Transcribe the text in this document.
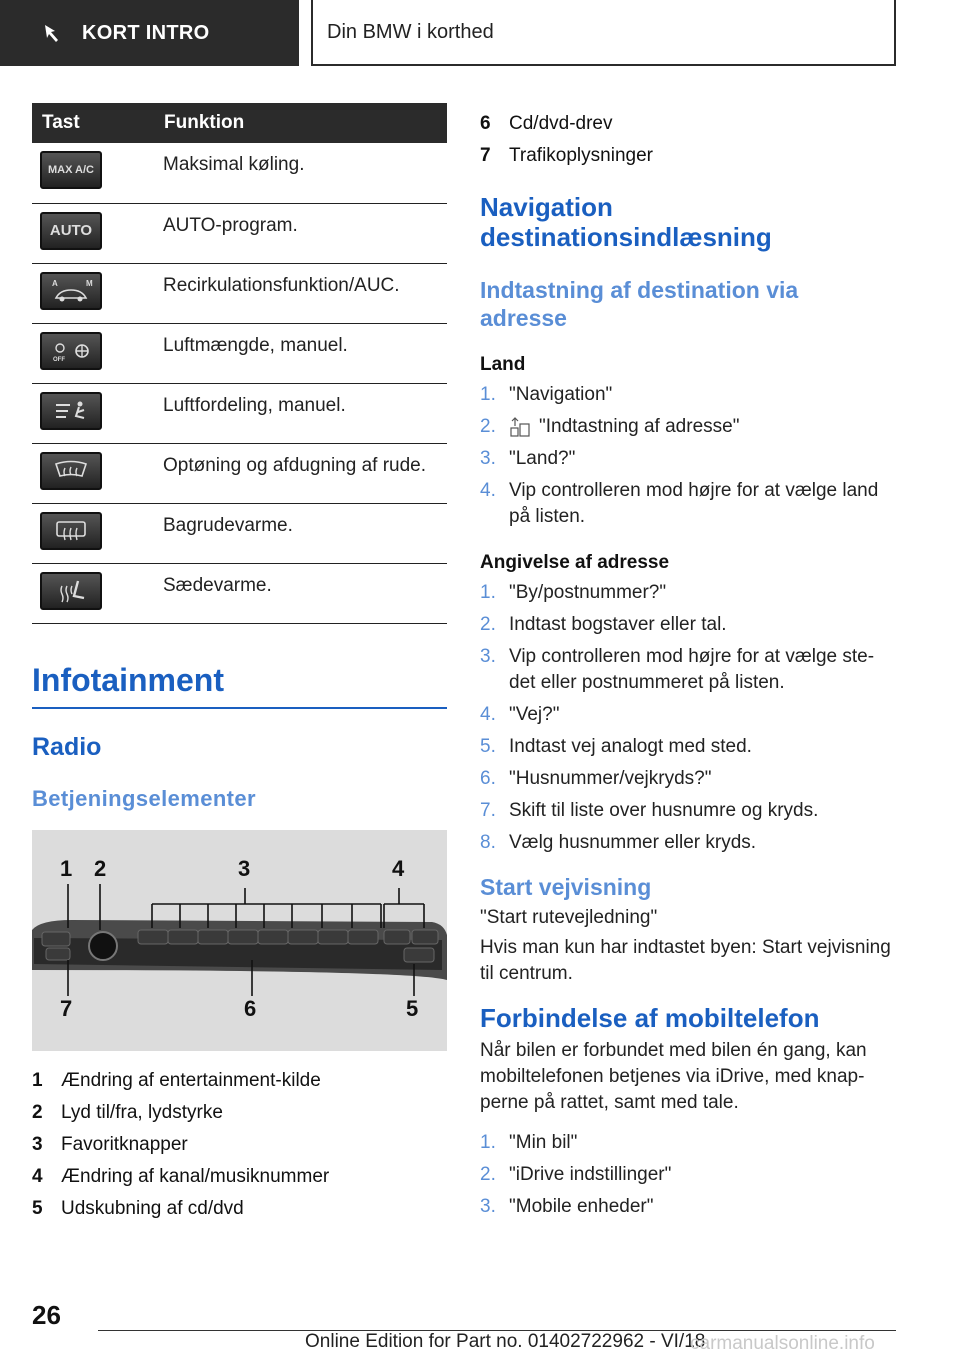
KORT INTRO	Din BMW i korthed
Tast	Funktion

MAX A/C	Maksimal køling.

AUTO	AUTO-program.

A M	Recirkulationsfunktion/AUC.

OFF	Luftmængde, manuel.

	Luftfordeling, manuel.

	Optøning og afdugning af rude.

	Bagrudevarme.

	Sædevarme.
Infotainment
Radio
Betjeningselementer
1 2	3	4
7	6	5
1 Ændring af entertainment-kilde
2 Lyd til/fra, lydstyrke
3 Favoritknapper
4 Ændring af kanal/musiknummer
5 Udskubning af cd/dvd
6 Cd/dvd-drev
7 Trafikoplysninger
Navigation destinationsindlæsning
Indtastning af destination via adresse
Land
1. "Navigation"
2.	"Indtastning af adresse"
3. "Land?"
4. Vip controlleren mod højre for at vælge land på listen.
Angivelse af adresse
1. "By/postnummer?"
2. Indtast bogstaver eller tal.
3. Vip controlleren mod højre for at vælge ste-det eller postnummeret på listen.
4. "Vej?"
5. Indtast vej analogt med sted.
6. "Husnummer/vejkryds?"
7. Skift til liste over husnumre og kryds.
8. Vælg husnummer eller kryds.
Start vejvisning
"Start rutevejledning"
Hvis man kun har indtastet byen: Start vejvisning til centrum.
Forbindelse af mobiltelefon
Når bilen er forbundet med bilen én gang, kan mobiltelefonen betjenes via iDrive, med knap-perne på rattet, samt med tale.
1. "Min bil"
2. "iDrive indstillinger"
3. "Mobile enheder"
26
Online Edition for Part no. 01402722962 - VI/18
carmanualsonline.info
